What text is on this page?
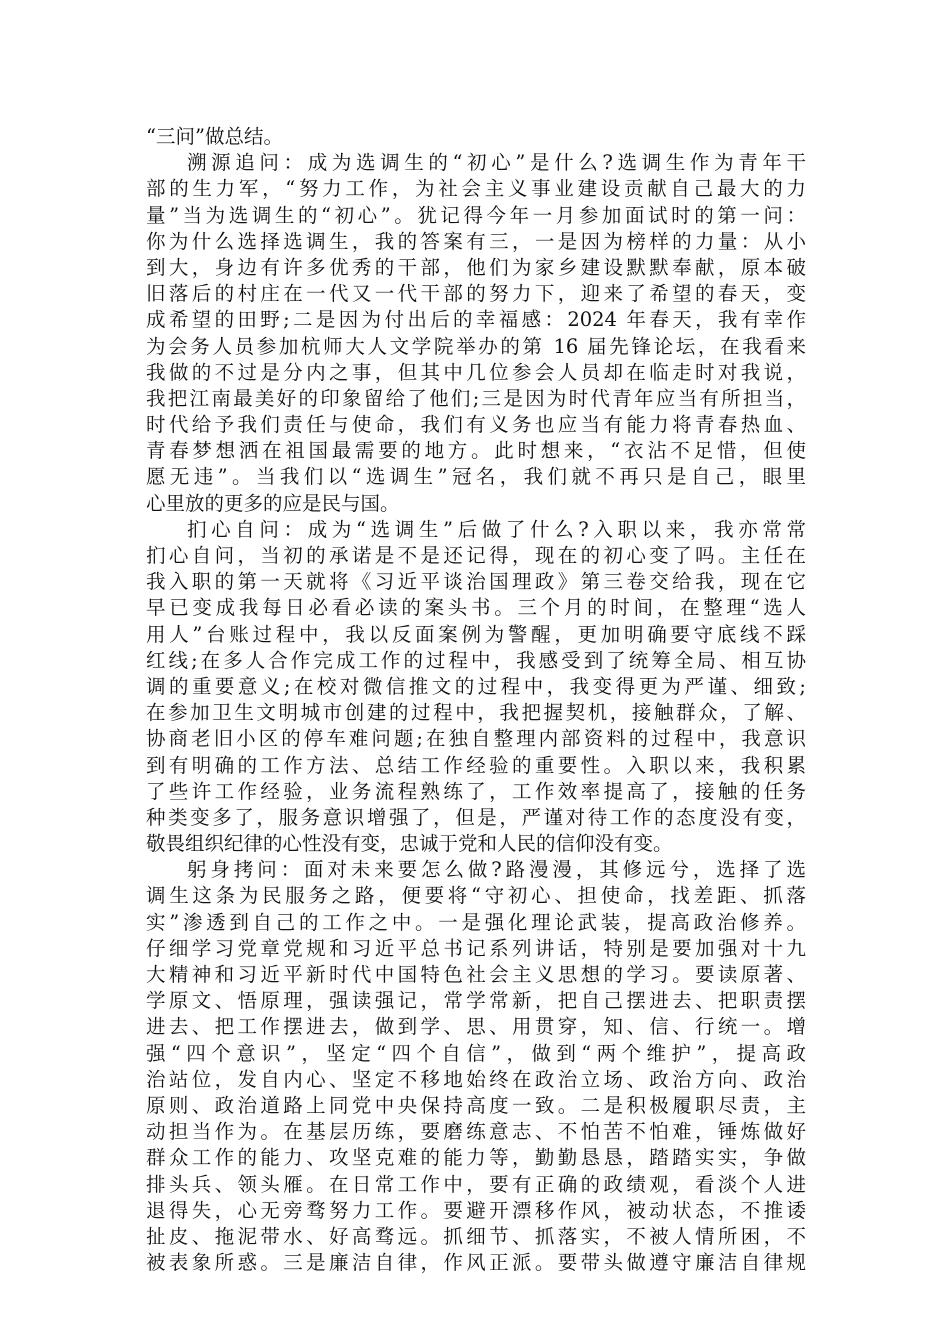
“三问”做总结。
溯源追问：成为选调生的“初心”是什么?选调生作为青年干
部的生力军，“努力工作，为社会主义事业建设贡献自己最大的力
量”当为选调生的“初心”。犹记得今年一月参加面试时的第一问：
你为什么选择选调生，我的答案有三，一是因为榜样的力量：从小
到大，身边有许多优秀的干部，他们为家乡建设默默奉献，原本破
旧落后的村庄在一代又一代干部的努力下，迎来了希望的春天，变
成希望的田野;二是因为付出后的幸福感：2024 年春天，我有幸作
为会务人员参加杭师大人文学院举办的第 16 届先锋论坛，在我看来
我做的不过是分内之事，但其中几位参会人员却在临走时对我说，
我把江南最美好的印象留给了他们;三是因为时代青年应当有所担当，
时代给予我们责任与使命，我们有义务也应当有能力将青春热血、
青春梦想洒在祖国最需要的地方。此时想来，“衣沾不足惜，但使
愿无违”。当我们以“选调生”冠名，我们就不再只是自己，眼里
心里放的更多的应是民与国。
扪心自问：成为“选调生”后做了什么?入职以来，我亦常常
扪心自问，当初的承诺是不是还记得，现在的初心变了吗。主任在
我入职的第一天就将《习近平谈治国理政》第三卷交给我，现在它
早已变成我每日必看必读的案头书。三个月的时间，在整理“选人
用人”台账过程中，我以反面案例为警醒，更加明确要守底线不踩
红线;在多人合作完成工作的过程中，我感受到了统筹全局、相互协
调的重要意义;在校对微信推文的过程中，我变得更为严谨、细致;
在参加卫生文明城市创建的过程中，我把握契机，接触群众，了解、
协商老旧小区的停车难问题;在独自整理内部资料的过程中，我意识
到有明确的工作方法、总结工作经验的重要性。入职以来，我积累
了些许工作经验，业务流程熟练了，工作效率提高了，接触的任务
种类变多了，服务意识增强了，但是，严谨对待工作的态度没有变，
敬畏组织纪律的心性没有变，忠诚于党和人民的信仰没有变。
躬身拷问：面对未来要怎么做?路漫漫，其修远兮，选择了选
调生这条为民服务之路，便要将“守初心、担使命，找差距、抓落
实”渗透到自己的工作之中。一是强化理论武装，提高政治修养。
仔细学习党章党规和习近平总书记系列讲话，特别是要加强对十九
大精神和习近平新时代中国特色社会主义思想的学习。要读原著、
学原文、悟原理，强读强记，常学常新，把自己摆进去、把职责摆
进去、把工作摆进去，做到学、思、用贯穿，知、信、行统一。增
强“四个意识”，坚定“四个自信”，做到“两个维护”，提高政
治站位，发自内心、坚定不移地始终在政治立场、政治方向、政治
原则、政治道路上同党中央保持高度一致。二是积极履职尽责，主
动担当作为。在基层历练，要磨练意志、不怕苦不怕难，锤炼做好
群众工作的能力、攻坚克难的能力等，勤勤恳恳，踏踏实实，争做
排头兵、领头雁。在日常工作中，要有正确的政绩观，看淡个人进
退得失，心无旁骛努力工作。要避开漂移作风，被动状态，不推诿
扯皮、拖泥带水、好高骛远。抓细节、抓落实，不被人情所困，不
被表象所惑。三是廉洁自律，作风正派。要带头做遵守廉洁自律规
